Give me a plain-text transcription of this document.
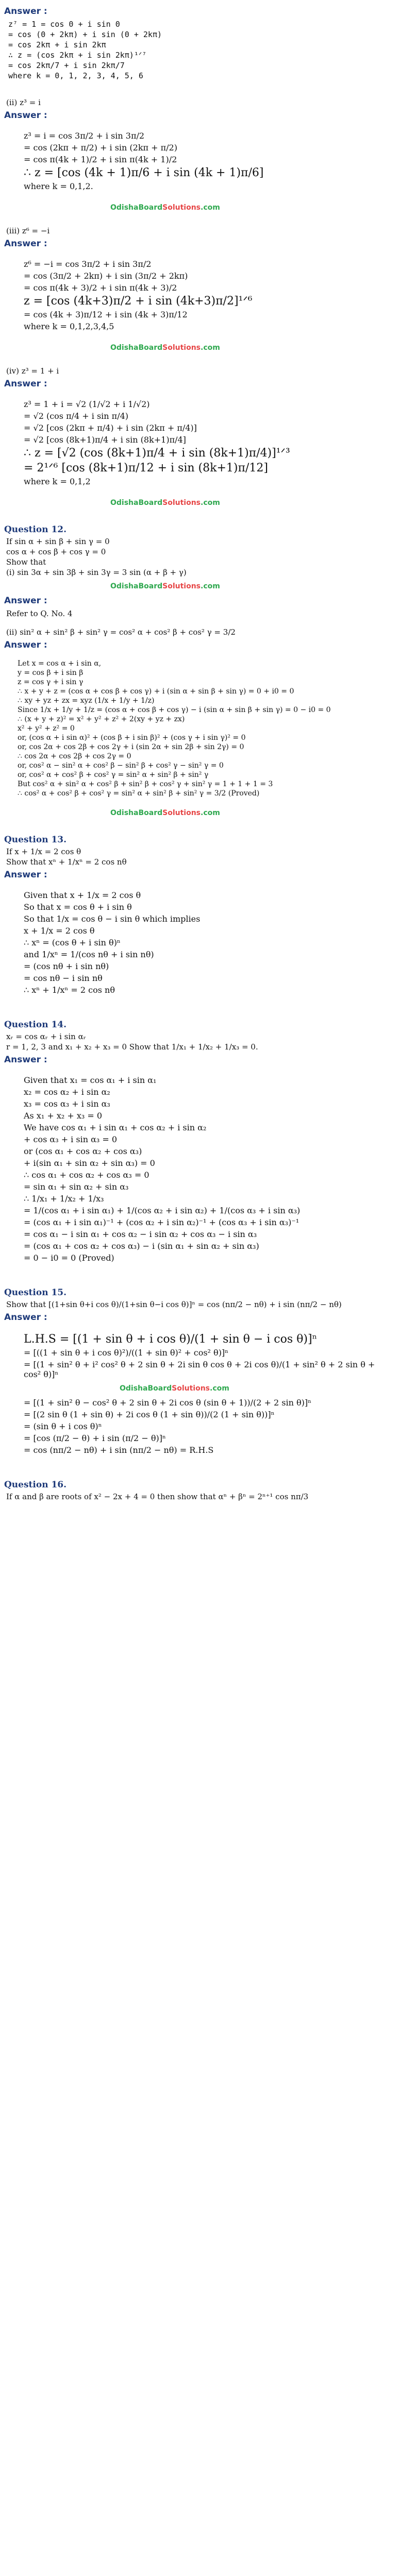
Answer :
z⁷ = 1 = cos 0 + i sin 0
= cos (0 + 2kπ) + i sin (0 + 2kπ)
= cos 2kπ + i sin 2kπ
∴ z = (cos 2kπ + i sin 2kπ)¹ᐟ⁷
= cos 2kπ/7 + i sin 2kπ/7
where k = 0, 1, 2, 3, 4, 5, 6
(ii) z³ = i
Answer :
z³ = i = cos 3π/2 + i sin 3π/2
= cos (2kπ + π/2) + i sin (2kπ + π/2)
= cos π(4k + 1)/2 + i sin π(4k + 1)/2
∴ z = [cos (4k + 1)π/6 + i sin (4k + 1)π/6]
where k = 0,1,2.
OdishaBoardSolutions.com
(iii) z⁶ = −i
Answer :
z⁶ = −i = cos 3π/2 + i sin 3π/2
= cos (3π/2 + 2kπ) + i sin (3π/2 + 2kπ)
= cos π(4k + 3)/2 + i sin π(4k + 3)/2
z = [cos (4k+3)π/2 + i sin (4k+3)π/2]¹ᐟ⁶
= cos (4k + 3)π/12 + i sin (4k + 3)π/12
where k = 0,1,2,3,4,5
OdishaBoardSolutions.com
(iv) z³ = 1 + i
Answer :
z³ = 1 + i = √2 (1/√2 + i 1/√2)
= √2 (cos π/4 + i sin π/4)
= √2 [cos (2kπ + π/4) + i sin (2kπ + π/4)]
= √2 [cos (8k+1)π/4 + i sin (8k+1)π/4]
∴ z = [√2 (cos (8k+1)π/4 + i sin (8k+1)π/4)]¹ᐟ³
= 2¹ᐟ⁶ [cos (8k+1)π/12 + i sin (8k+1)π/12]
where k = 0,1,2
OdishaBoardSolutions.com
Question 12.
If sin α + sin β + sin γ = 0
cos α + cos β + cos γ = 0
Show that
(i) sin 3α + sin 3β + sin 3γ = 3 sin (α + β + γ)
OdishaBoardSolutions.com
Answer :
Refer to Q. No. 4
(ii) sin² α + sin² β + sin² γ = cos² α + cos² β + cos² γ = 3/2
Answer :
Let x = cos α + i sin α,
y = cos β + i sin β
z = cos γ + i sin γ
∴ x + y + z = (cos α + cos β + cos γ) + i (sin α + sin β + sin γ) = 0 + i0 = 0
∴ xy + yz + zx = xyz (1/x + 1/y + 1/z)
Since 1/x + 1/y + 1/z = (cos α + cos β + cos γ) − i (sin α + sin β + sin γ) = 0 − i0 = 0
∴ (x + y + z)² = x² + y² + z² + 2(xy + yz + zx)
x² + y² + z² = 0
or, (cos α + i sin α)² + (cos β + i sin β)² + (cos γ + i sin γ)² = 0
or, cos 2α + cos 2β + cos 2γ + i (sin 2α + sin 2β + sin 2γ) = 0
∴ cos 2α + cos 2β + cos 2γ = 0
or, cos² α − sin² α + cos² β − sin² β + cos² γ − sin² γ = 0
or, cos² α + cos² β + cos² γ = sin² α + sin² β + sin² γ
But cos² α + sin² α + cos² β + sin² β + cos² γ + sin² γ = 1 + 1 + 1 = 3
∴ cos² α + cos² β + cos² γ = sin² α + sin² β + sin² γ = 3/2 (Proved)
OdishaBoardSolutions.com
Question 13.
If x + 1/x = 2 cos θ
Show that xⁿ + 1/xⁿ = 2 cos nθ
Answer :
Given that x + 1/x = 2 cos θ
So that x = cos θ + i sin θ
So that 1/x = cos θ − i sin θ which implies
x + 1/x = 2 cos θ
∴ xⁿ = (cos θ + i sin θ)ⁿ
and 1/xⁿ = 1/(cos nθ + i sin nθ)
= (cos nθ + i sin nθ)
= cos nθ − i sin nθ
∴ xⁿ + 1/xⁿ = 2 cos nθ
Question 14.
xᵣ = cos αᵣ + i sin αᵣ
r = 1, 2, 3 and x₁ + x₂ + x₃ = 0 Show that 1/x₁ + 1/x₂ + 1/x₃ = 0.
Answer :
Given that x₁ = cos α₁ + i sin α₁
x₂ = cos α₂ + i sin α₂
x₃ = cos α₃ + i sin α₃
As x₁ + x₂ + x₃ = 0
We have cos α₁ + i sin α₁ + cos α₂ + i sin α₂
+ cos α₃ + i sin α₃ = 0
or (cos α₁ + cos α₂ + cos α₃)
+ i(sin α₁ + sin α₂ + sin α₃) = 0
∴ cos α₁ + cos α₂ + cos α₃ = 0
= sin α₁ + sin α₂ + sin α₃
∴ 1/x₁ + 1/x₂ + 1/x₃
= 1/(cos α₁ + i sin α₁) + 1/(cos α₂ + i sin α₂) + 1/(cos α₃ + i sin α₃)
= (cos α₁ + i sin α₁)⁻¹ + (cos α₂ + i sin α₂)⁻¹ + (cos α₃ + i sin α₃)⁻¹
= cos α₁ − i sin α₁ + cos α₂ − i sin α₂ + cos α₃ − i sin α₃
= (cos α₁ + cos α₂ + cos α₃) − i (sin α₁ + sin α₂ + sin α₃)
= 0 − i0 = 0 (Proved)
Question 15.
Show that [(1+sin θ+i cos θ)/(1+sin θ−i cos θ)]ⁿ = cos (nπ/2 − nθ) + i sin (nπ/2 − nθ)
Answer :
L.H.S = [(1 + sin θ + i cos θ)/(1 + sin θ − i cos θ)]ⁿ
= [((1 + sin θ + i cos θ)²)/((1 + sin θ)² + cos² θ)]ⁿ
= [(1 + sin² θ + i² cos² θ + 2 sin θ + 2i sin θ cos θ + 2i cos θ)/(1 + sin² θ + 2 sin θ + cos² θ)]ⁿ
OdishaBoardSolutions.com
= [(1 + sin² θ − cos² θ + 2 sin θ + 2i cos θ (sin θ + 1))/(2 + 2 sin θ)]ⁿ
= [(2 sin θ (1 + sin θ) + 2i cos θ (1 + sin θ))/(2 (1 + sin θ))]ⁿ
= (sin θ + i cos θ)ⁿ
= [cos (π/2 − θ) + i sin (π/2 − θ)]ⁿ
= cos (nπ/2 − nθ) + i sin (nπ/2 − nθ) = R.H.S
Question 16.
If α and β are roots of x² − 2x + 4 = 0 then show that αⁿ + βⁿ = 2ⁿ⁺¹ cos nπ/3
